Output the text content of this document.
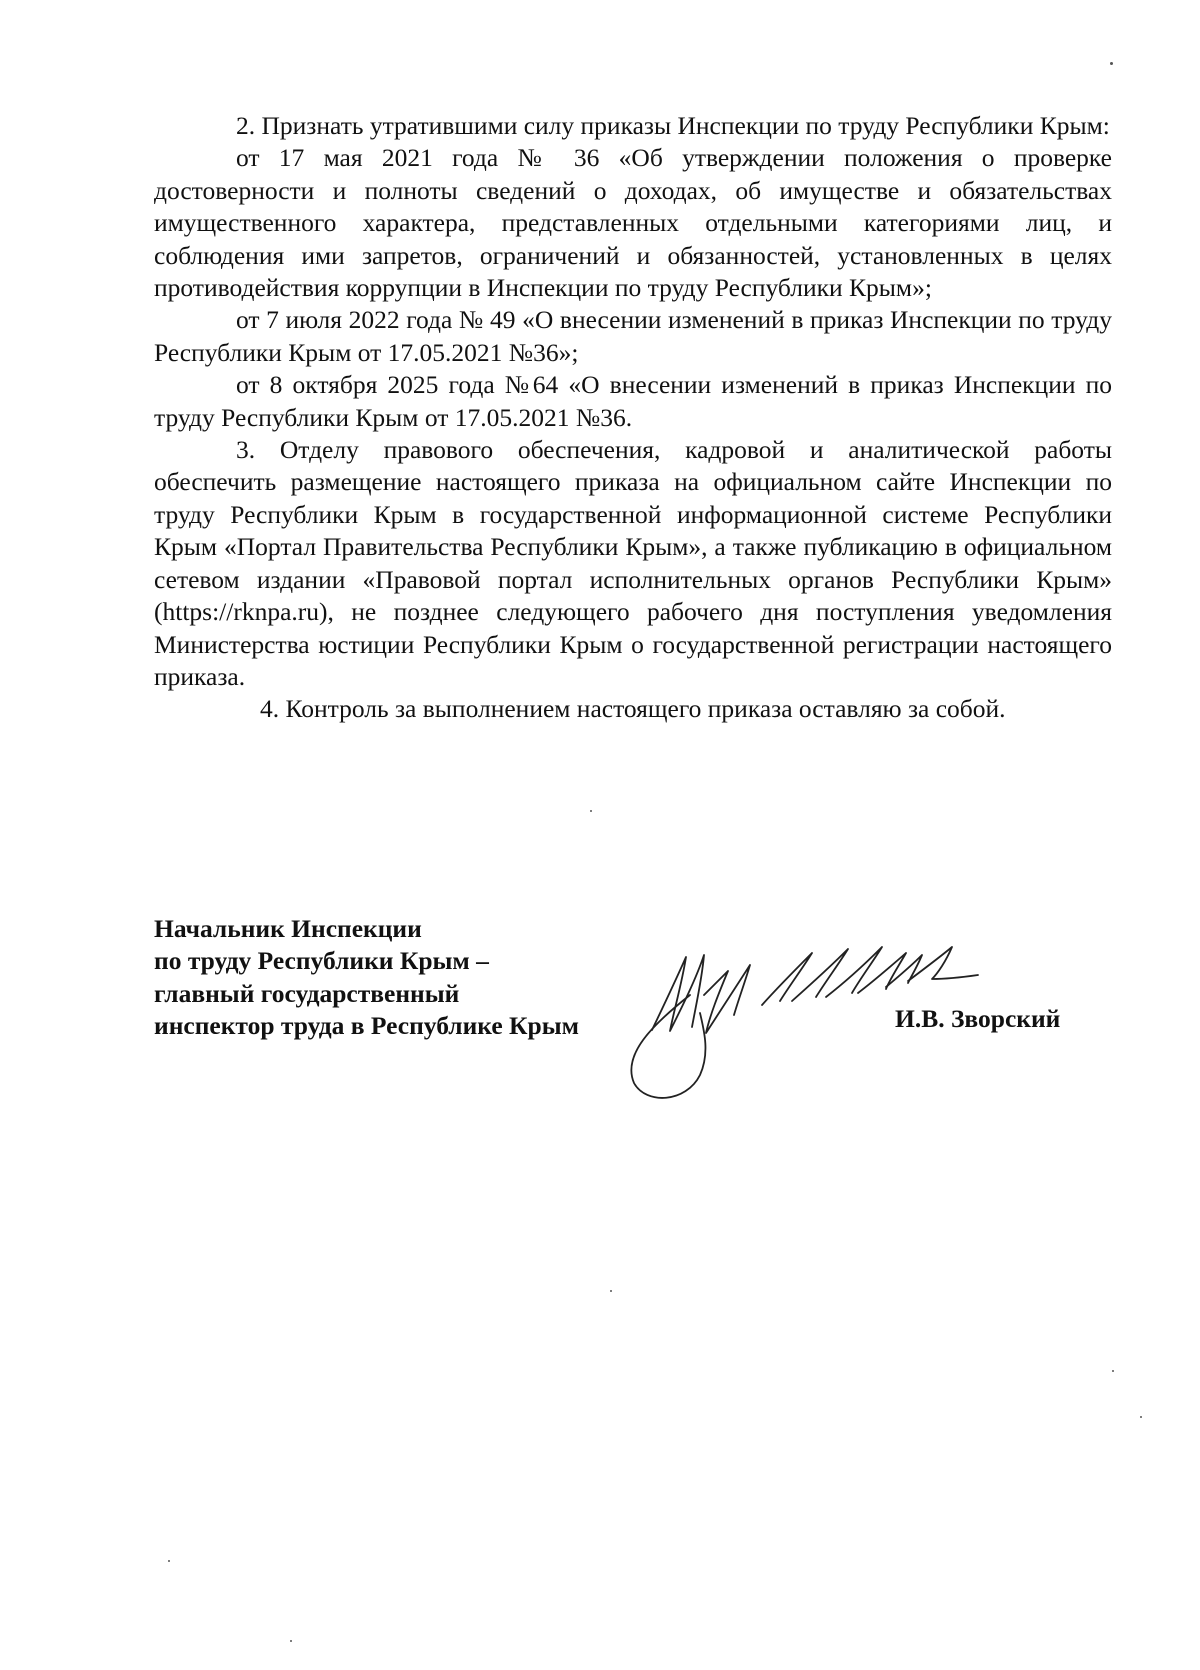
2. Признать утратившими силу приказы Инспекции по труду Республики Крым:

от 17 мая 2021 года № 36 «Об утверждении положения о проверке достоверности и полноты сведений о доходах, об имуществе и обязательствах имущественного характера, представленных отдельными категориями лиц, и соблюдения ими запретов, ограничений и обязанностей, установленных в целях противодействия коррупции в Инспекции по труду Республики Крым»;

от 7 июля 2022 года № 49 «О внесении изменений в приказ Инспекции по труду Республики Крым от 17.05.2021 №36»;

от 8 октября 2025 года №64 «О внесении изменений в приказ Инспекции по труду Республики Крым от 17.05.2021 №36.

3. Отделу правового обеспечения, кадровой и аналитической работы обеспечить размещение настоящего приказа на официальном сайте Инспекции по труду Республики Крым в государственной информационной системе Республики Крым «Портал Правительства Республики Крым», а также публикацию в официальном сетевом издании «Правовой портал исполнительных органов Республики Крым» (https://rknpa.ru), не позднее следующего рабочего дня поступления уведомления Министерства юстиции Республики Крым о государственной регистрации настоящего приказа.

4. Контроль за выполнением настоящего приказа оставляю за собой.

Начальник Инспекции
по труду Республики Крым –
главный государственный
инспектор труда в Республике Крым	И.В. Зворский
